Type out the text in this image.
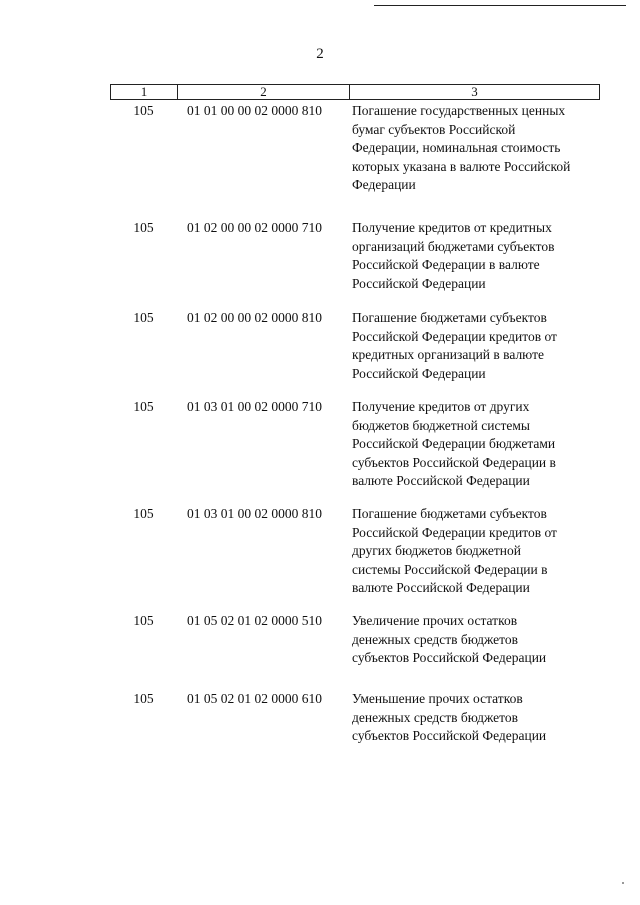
2
1	2	3
105	01 01 00 00 02 0000 810	Погашение государственных ценных
бумаг субъектов Российской
Федерации, номинальная стоимость
которых указана в валюте Российской
Федерации
105	01 02 00 00 02 0000 710	Получение кредитов от кредитных
организаций бюджетами субъектов
Российской Федерации в валюте
Российской Федерации
105	01 02 00 00 02 0000 810	Погашение бюджетами субъектов
Российской Федерации кредитов от
кредитных организаций в валюте
Российской Федерации
105	01 03 01 00 02 0000 710	Получение кредитов от других
бюджетов бюджетной системы
Российской Федерации бюджетами
субъектов Российской Федерации в
валюте Российской Федерации
105	01 03 01 00 02 0000 810	Погашение бюджетами субъектов
Российской Федерации кредитов от
других бюджетов бюджетной
системы Российской Федерации в
валюте Российской Федерации
105	01 05 02 01 02 0000 510	Увеличение прочих остатков
денежных средств бюджетов
субъектов Российской Федерации
105	01 05 02 01 02 0000 610	Уменьшение прочих остатков
денежных средств бюджетов
субъектов Российской Федерации
